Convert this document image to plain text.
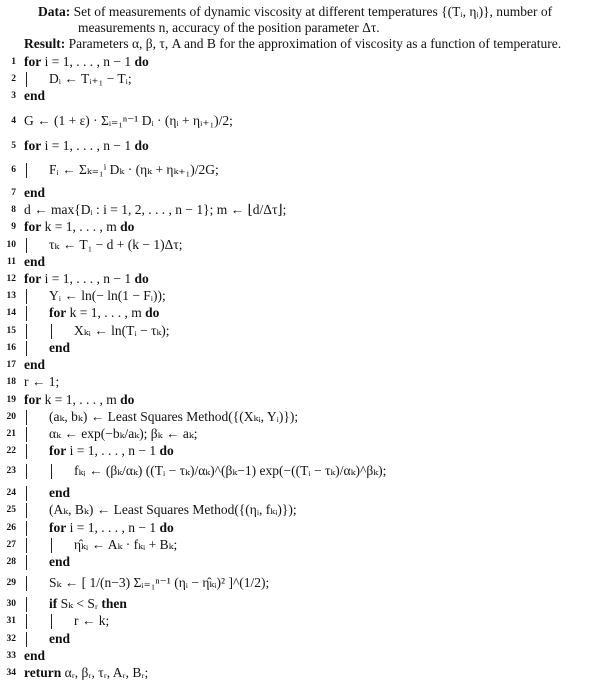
Data: Set of measurements of dynamic viscosity at different temperatures {(Tᵢ, ηᵢ)}, number of
measurements n, accuracy of the position parameter Δτ.
Result: Parameters α, β, τ, A and B for the approximation of viscosity as a function of temperature.
1 for i = 1, . . . , n − 1 do
2 Dᵢ ← Tᵢ₊₁ − Tᵢ;
3 end
4 G ← (1 + ε) · Σᵢ₌₁ⁿ⁻¹ Dᵢ · (ηᵢ + ηᵢ₊₁)/2;
5 for i = 1, . . . , n − 1 do
6 Fᵢ ← Σₖ₌₁ⁱ Dₖ · (ηₖ + ηₖ₊₁)/2G;
7 end
8 d ← max{Dᵢ : i = 1, 2, . . . , n − 1}; m ← ⌊d/Δτ⌋;
9 for k = 1, . . . , m do
10 τₖ ← T₁ − d + (k − 1)Δτ;
11 end
12 for i = 1, . . . , n − 1 do
13 Yᵢ ← ln(− ln(1 − Fᵢ));
14 for k = 1, . . . , m do
15	Xₖᵢ ← ln(Tᵢ − τₖ);
16 end
17 end
18 r ← 1;
19 for k = 1, . . . , m do
20 (aₖ, bₖ) ← Least Squares Method({(Xₖᵢ, Yᵢ)});
21 αₖ ← exp(−bₖ/aₖ); βₖ ← aₖ;
22 for i = 1, . . . , n − 1 do
23	fₖᵢ ← (βₖ/αₖ) ((Tᵢ − τₖ)/αₖ)^(βₖ−1) exp(−((Tᵢ − τₖ)/αₖ)^βₖ);
24 end
25 (Aₖ, Bₖ) ← Least Squares Method({(ηᵢ, fₖᵢ)});
26 for i = 1, . . . , n − 1 do
27	η̂ₖᵢ ← Aₖ · fₖᵢ + Bₖ;
28 end
29 Sₖ ← [ 1/(n−3) Σᵢ₌₁ⁿ⁻¹ (ηᵢ − η̂ₖᵢ)² ]^(1/2);
30 if Sₖ < Sᵣ then
31	r ← k;
32 end
33 end
34 return αᵣ, βᵣ, τᵣ, Aᵣ, Bᵣ;
